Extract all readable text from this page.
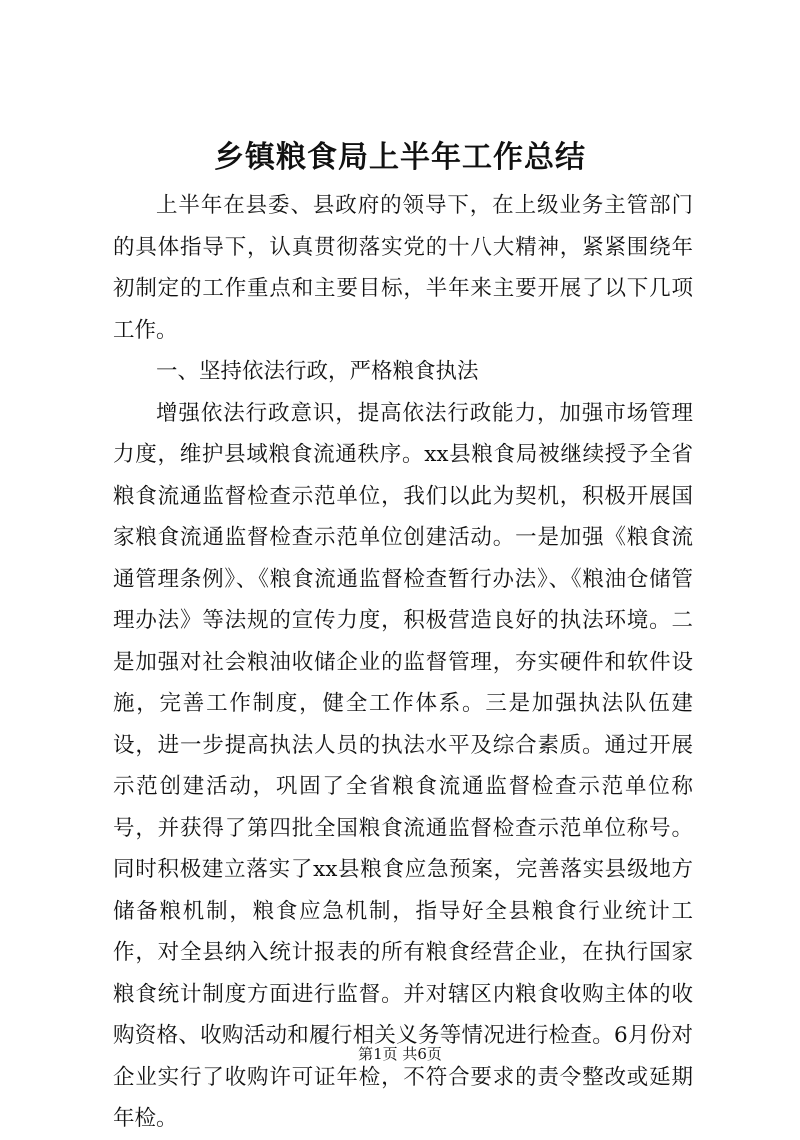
乡镇粮食局上半年工作总结

上半年在县委、县政府的领导下，在上级业务主管部门的具体指导下，认真贯彻落实党的十八大精神，紧紧围绕年初制定的工作重点和主要目标，半年来主要开展了以下几项工作。

一、坚持依法行政，严格粮食执法

增强依法行政意识，提高依法行政能力，加强市场管理力度，维护县域粮食流通秩序。xx县粮食局被继续授予全省粮食流通监督检查示范单位，我们以此为契机，积极开展国家粮食流通监督检查示范单位创建活动。一是加强《粮食流通管理条例》、《粮食流通监督检查暂行办法》、《粮油仓储管理办法》等法规的宣传力度，积极营造良好的执法环境。二是加强对社会粮油收储企业的监督管理，夯实硬件和软件设施，完善工作制度，健全工作体系。三是加强执法队伍建设，进一步提高执法人员的执法水平及综合素质。通过开展示范创建活动，巩固了全省粮食流通监督检查示范单位称号，并获得了第四批全国粮食流通监督检查示范单位称号。同时积极建立落实了xx县粮食应急预案，完善落实县级地方储备粮机制，粮食应急机制，指导好全县粮食行业统计工作，对全县纳入统计报表的所有粮食经营企业，在执行国家粮食统计制度方面进行监督。并对辖区内粮食收购主体的收购资格、收购活动和履行相关义务等情况进行检查。6月份对企业实行了收购许可证年检，不符合要求的责令整改或延期年检。

第1页 共6页
